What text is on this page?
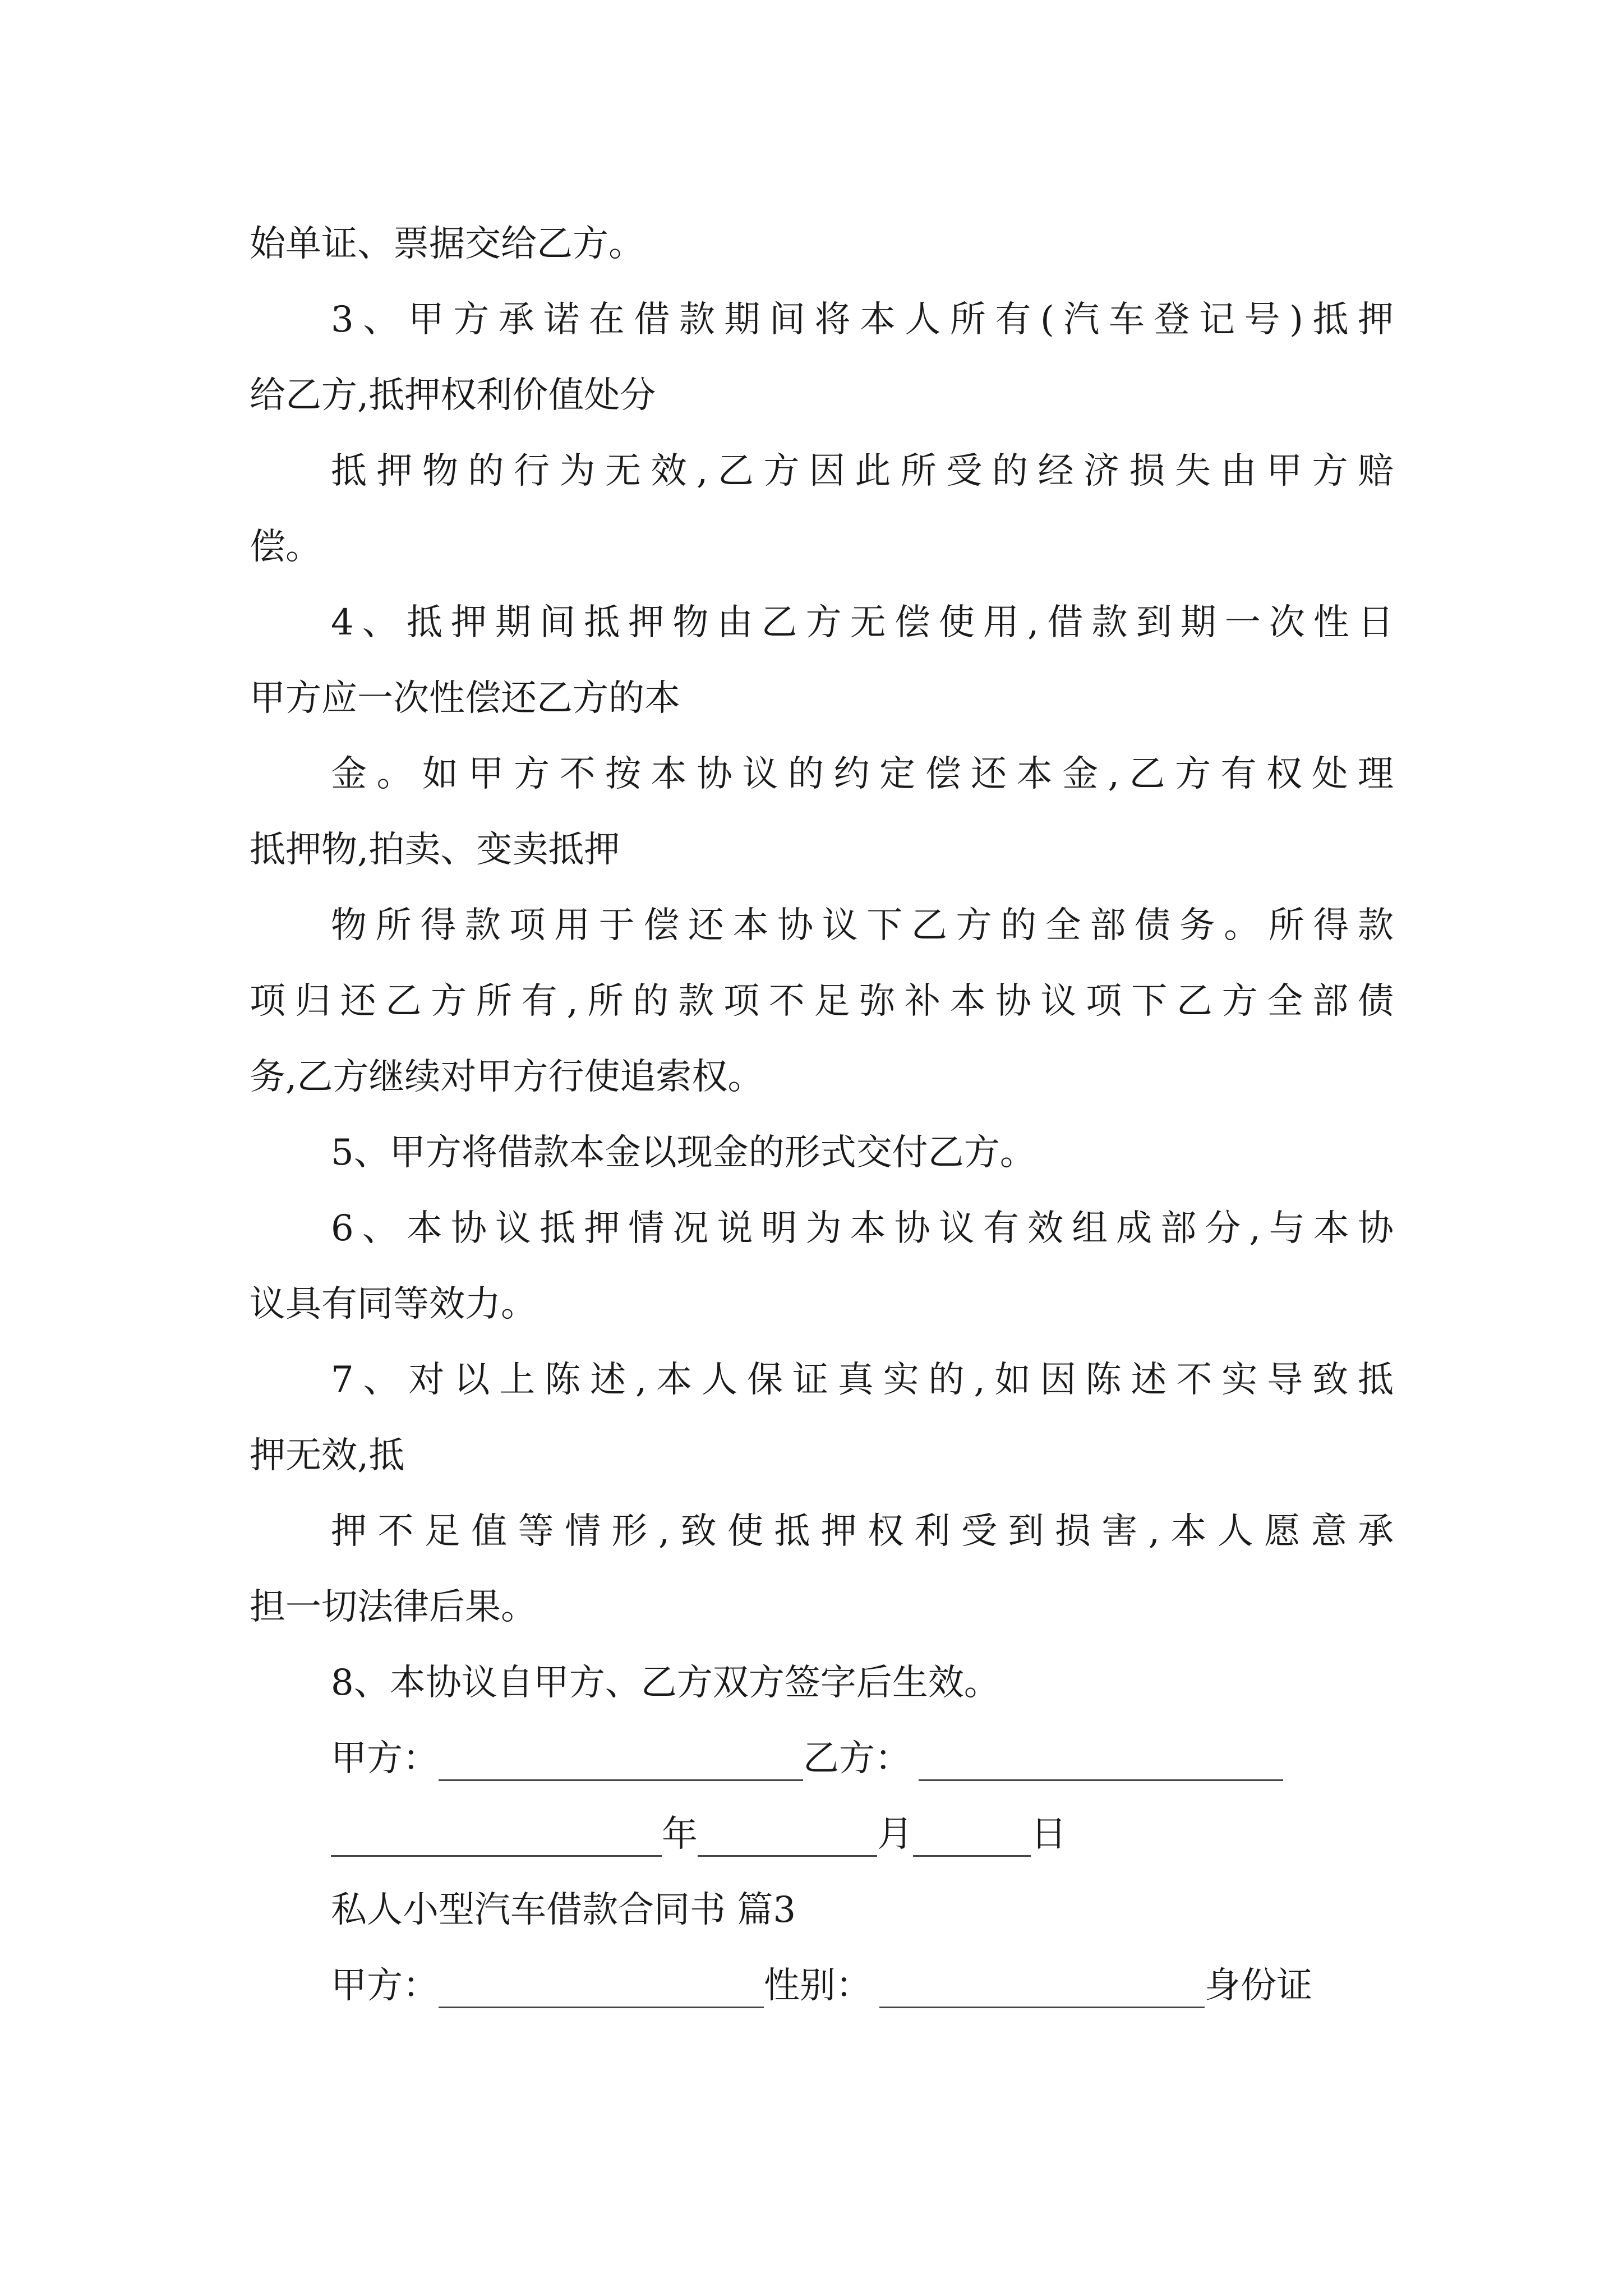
始单证、票据交给乙方。
3、甲方承诺在借款期间将本人所有(汽车登记号)抵押
给乙方,抵押权利价值处分
抵押物的行为无效,乙方因此所受的经济损失由甲方赔
偿。
4、抵押期间抵押物由乙方无偿使用,借款到期一次性日
甲方应一次性偿还乙方的本
金。如甲方不按本协议的约定偿还本金,乙方有权处理
抵押物,拍卖、变卖抵押
物所得款项用于偿还本协议下乙方的全部债务。所得款
项归还乙方所有,所的款项不足弥补本协议项下乙方全部债
务,乙方继续对甲方行使追索权。
5、甲方将借款本金以现金的形式交付乙方。
6、本协议抵押情况说明为本协议有效组成部分,与本协
议具有同等效力。
7、对以上陈述,本人保证真实的,如因陈述不实导致抵
押无效,抵
押不足值等情形,致使抵押权利受到损害,本人愿意承
担一切法律后果。
8、本协议自甲方、乙方双方签字后生效。
甲方：	乙方：
年	月	日
私人小型汽车借款合同书 篇3
甲方：	性别：	身份证
